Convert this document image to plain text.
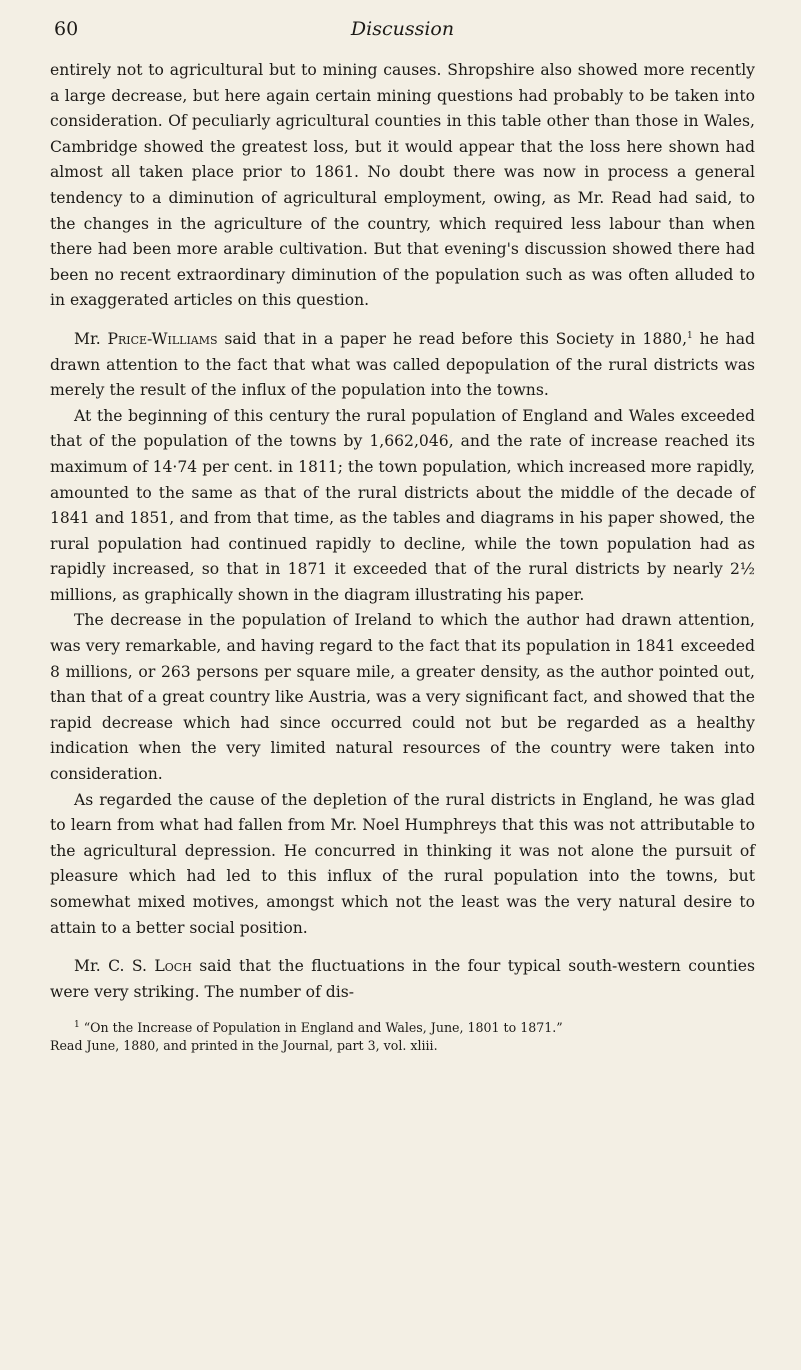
60	Discussion

entirely not to agricultural but to mining causes. Shropshire also showed more recently a large decrease, but here again certain mining questions had probably to be taken into consideration. Of peculiarly agricultural counties in this table other than those in Wales, Cambridge showed the greatest loss, but it would appear that the loss here shown had almost all taken place prior to 1861. No doubt there was now in process a general tendency to a diminution of agricultural employment, owing, as Mr. Read had said, to the changes in the agriculture of the country, which required less labour than when there had been more arable cultivation. But that evening's discussion showed there had been no recent extraordinary diminution of the population such as was often alluded to in exaggerated articles on this question.

Mr. Price-Williams said that in a paper he read before this Society in 1880,$^1$ he had drawn attention to the fact that what was called depopulation of the rural districts was merely the result of the influx of the population into the towns.

At the beginning of this century the rural population of England and Wales exceeded that of the population of the towns by 1,662,046, and the rate of increase reached its maximum of 14·74 per cent. in 1811; the town population, which increased more rapidly, amounted to the same as that of the rural districts about the middle of the decade of 1841 and 1851, and from that time, as the tables and diagrams in his paper showed, the rural population had continued rapidly to decline, while the town population had as rapidly increased, so that in 1871 it exceeded that of the rural districts by nearly 2½ millions, as graphically shown in the diagram illustrating his paper.

The decrease in the population of Ireland to which the author had drawn attention, was very remarkable, and having regard to the fact that its population in 1841 exceeded 8 millions, or 263 persons per square mile, a greater density, as the author pointed out, than that of a great country like Austria, was a very significant fact, and showed that the rapid decrease which had since occurred could not but be regarded as a healthy indication when the very limited natural resources of the country were taken into consideration.

As regarded the cause of the depletion of the rural districts in England, he was glad to learn from what had fallen from Mr. Noel Humphreys that this was not attributable to the agricultural depression. He concurred in thinking it was not alone the pursuit of pleasure which had led to this influx of the rural population into the towns, but somewhat mixed motives, amongst which not the least was the very natural desire to attain to a better social position.

Mr. C. S. Loch said that the fluctuations in the four typical south-western counties were very striking. The number of dis-

$^1$ “On the Increase of Population in England and Wales, June, 1801 to 1871.”

Read June, 1880, and printed in the Journal, part 3, vol. xliii.
